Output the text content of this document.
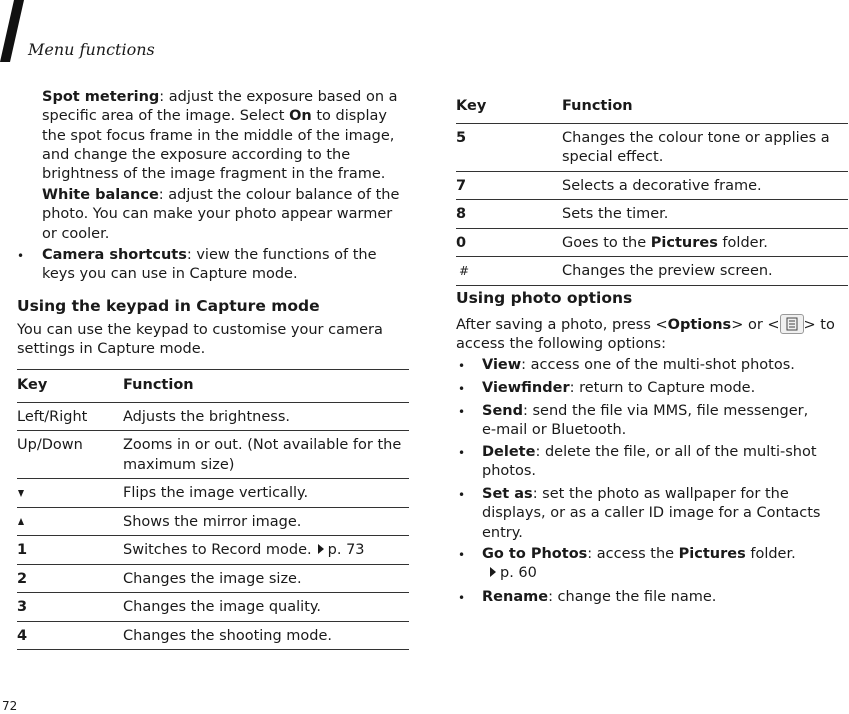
Menu functions
Spot metering: adjust the exposure based on a specific area of the image. Select On to display the spot focus frame in the middle of the image, and change the exposure according to the brightness of the image fragment in the frame.
White balance: adjust the colour balance of the photo. You can make your photo appear warmer or cooler.
• Camera shortcuts: view the functions of the keys you can use in Capture mode.
Using the keypad in Capture mode
You can use the keypad to customise your camera settings in Capture mode.
Key	Function
Left/Right	Adjusts the brightness.
Up/Down	Zooms in or out. (Not available for the maximum size)
	Flips the image vertically.
	Shows the mirror image.
1	Switches to Record mode. p. 73
2	Changes the image size.
3	Changes the image quality.
4	Changes the shooting mode.
Key	Function
5	Changes the colour tone or applies a special effect.
7	Selects a decorative frame.
8	Sets the timer.
0	Goes to the Pictures folder.
#	Changes the preview screen.
Using photo options
After saving a photo, press <Options> or < > to access the following options:
• View: access one of the multi-shot photos.
• Viewfinder: return to Capture mode.
• Send: send the file via MMS, file messenger, e-mail or Bluetooth.
• Delete: delete the file, or all of the multi-shot photos.
• Set as: set the photo as wallpaper for the displays, or as a caller ID image for a Contacts entry.
• Go to Photos: access the Pictures folder.
p. 60
• Rename: change the file name.
72
